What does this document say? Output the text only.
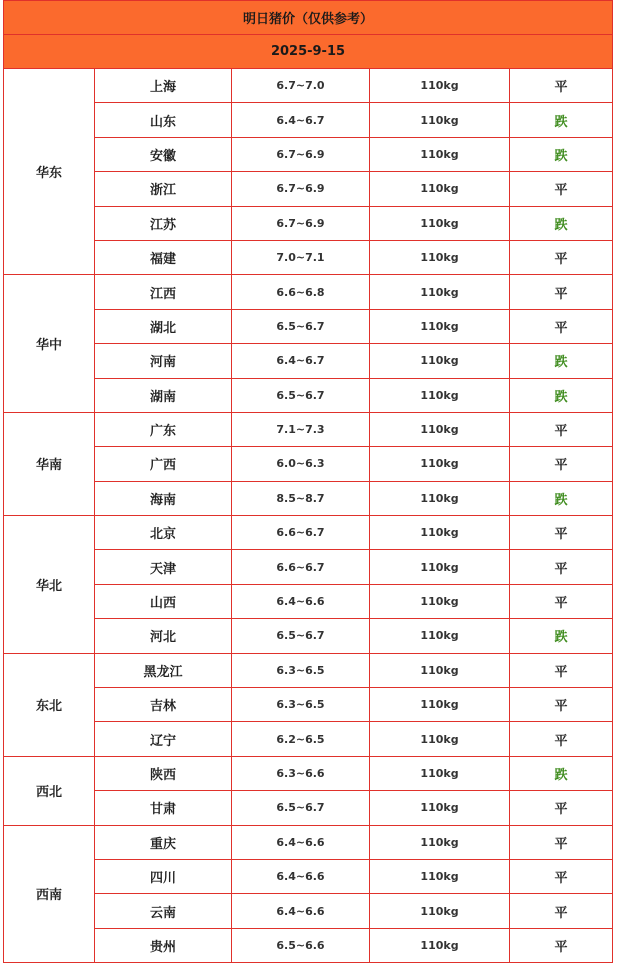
明日猪价（仅供参考）				
2025-9-15				
华东	上海	6.7~7.0	110kg	平
	山东	6.4~6.7	110kg	跌
	安徽	6.7~6.9	110kg	跌
	浙江	6.7~6.9	110kg	平
	江苏	6.7~6.9	110kg	跌
	福建	7.0~7.1	110kg	平
华中	江西	6.6~6.8	110kg	平
	湖北	6.5~6.7	110kg	平
	河南	6.4~6.7	110kg	跌
	湖南	6.5~6.7	110kg	跌
华南	广东	7.1~7.3	110kg	平
	广西	6.0~6.3	110kg	平
	海南	8.5~8.7	110kg	跌
华北	北京	6.6~6.7	110kg	平
	天津	6.6~6.7	110kg	平
	山西	6.4~6.6	110kg	平
	河北	6.5~6.7	110kg	跌
东北	黑龙江	6.3~6.5	110kg	平
	吉林	6.3~6.5	110kg	平
	辽宁	6.2~6.5	110kg	平
西北	陕西	6.3~6.6	110kg	跌
	甘肃	6.5~6.7	110kg	平
西南	重庆	6.4~6.6	110kg	平
	四川	6.4~6.6	110kg	平
	云南	6.4~6.6	110kg	平
	贵州	6.5~6.6	110kg	平
